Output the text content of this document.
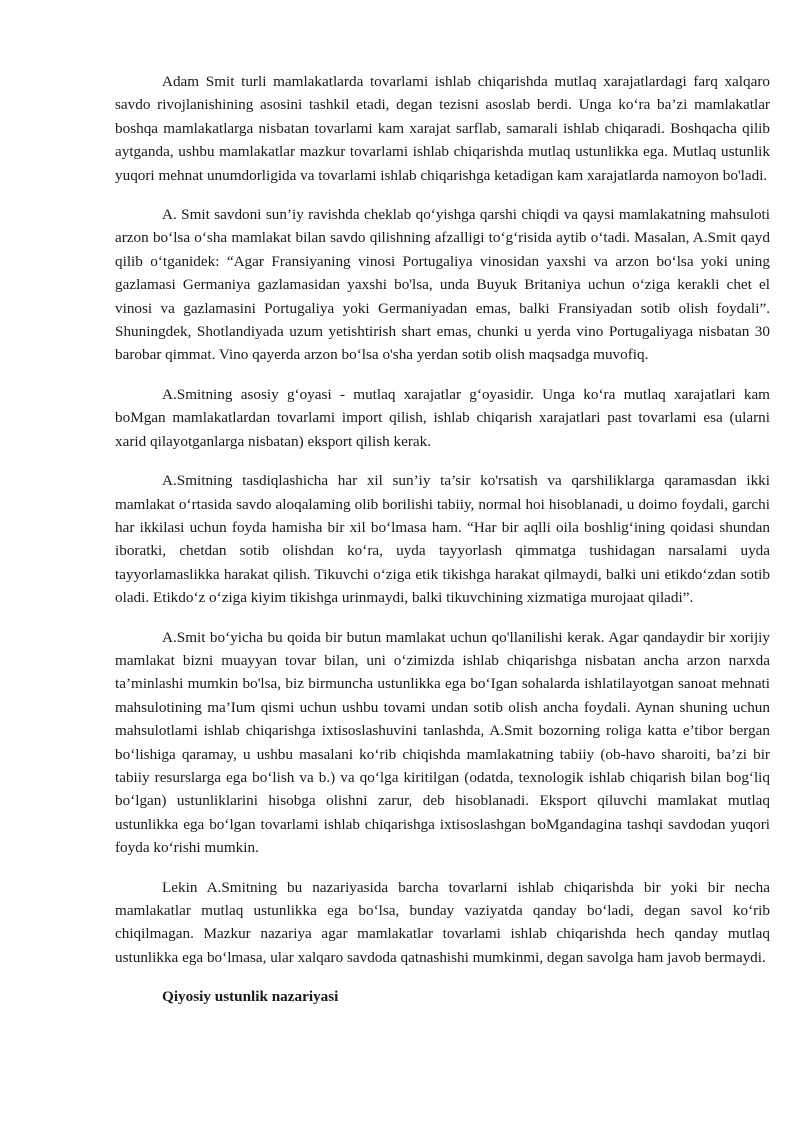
Adam Smit turli mamlakatlarda tovarlami ishlab chiqarishda mutlaq xarajatlardagi farq xalqaro savdo rivojlanishining asosini tashkil etadi, degan tezisni asoslab berdi. Unga ko‘ra ba’zi mamlakatlar boshqa mamlakatlarga nisbatan tovarlami kam xarajat sarflab, samarali ishlab chiqaradi. Boshqacha qilib aytganda, ushbu mamlakatlar mazkur tovarlami ishlab chiqarishda mutlaq ustunlikka ega. Mutlaq ustunlik yuqori mehnat unumdorligida va tovarlami ishlab chiqarishga ketadigan kam xarajatlarda namoyon bo'ladi.

A. Smit savdoni sun’iy ravishda cheklab qo‘yishga qarshi chiqdi va qaysi mamlakatning mahsuloti arzon bo‘lsa o‘sha mamlakat bilan savdo qilishning afzalligi to‘g‘risida aytib o‘tadi. Masalan, A.Smit qayd qilib o‘tganidek: “Agar Fransiyaning vinosi Portugaliya vinosidan yaxshi va arzon bo‘lsa yoki uning gazlamasi Germaniya gazlamasidan yaxshi bo'lsa, unda Buyuk Britaniya uchun o‘ziga kerakli chet el vinosi va gazlamasini Portugaliya yoki Germaniyadan emas, balki Fransiyadan sotib olish foydali”. Shuningdek, Shotlandiyada uzum yetishtirish shart emas, chunki u yerda vino Portugaliyaga nisbatan 30 barobar qimmat. Vino qayerda arzon bo‘lsa o'sha yerdan sotib olish maqsadga muvofiq.

A.Smitning asosiy g‘oyasi - mutlaq xarajatlar g‘oyasidir. Unga ko‘ra mutlaq xarajatlari kam boMgan mamlakatlardan tovarlami import qilish, ishlab chiqarish xarajatlari past tovarlami esa (ularni xarid qilayotganlarga nisbatan) eksport qilish kerak.

A.Smitning tasdiqlashicha har xil sun’iy ta’sir ko'rsatish va qarshiliklarga qaramasdan ikki mamlakat o‘rtasida savdo aloqalaming olib borilishi tabiiy, normal hoi hisoblanadi, u doimo foydali, garchi har ikkilasi uchun foyda hamisha bir xil bo‘lmasa ham. “Har bir aqlli oila boshlig‘ining qoidasi shundan iboratki, chetdan sotib olishdan ko‘ra, uyda tayyorlash qimmatga tushidagan narsalami uyda tayyorlamaslikka harakat qilish. Tikuvchi o‘ziga etik tikishga harakat qilmaydi, balki uni etikdo‘zdan sotib oladi. Etikdo‘z o‘ziga kiyim tikishga urinmaydi, balki tikuvchining xizmatiga murojaat qiladi”.

A.Smit bo‘yicha bu qoida bir butun mamlakat uchun qo'llanilishi kerak. Agar qandaydir bir xorijiy mamlakat bizni muayyan tovar bilan, uni o‘zimizda ishlab chiqarishga nisbatan ancha arzon narxda ta’minlashi mumkin bo'lsa, biz birmuncha ustunlikka ega bo‘Igan sohalarda ishlatilayotgan sanoat mehnati mahsulotining ma’Ium qismi uchun ushbu tovami undan sotib olish ancha foydali. Aynan shuning uchun mahsulotlami ishlab chiqarishga ixtisoslashuvini tanlashda, A.Smit bozorning roliga katta e’tibor bergan bo‘lishiga qaramay, u ushbu masalani ko‘rib chiqishda mamlakatning tabiiy (ob-havo sharoiti, ba’zi bir tabiiy resurslarga ega bo‘lish va b.) va qo‘lga kiritilgan (odatda, texnologik ishlab chiqarish bilan bog‘liq bo‘lgan) ustunliklarini hisobga olishni zarur, deb hisoblanadi. Eksport qiluvchi mamlakat mutlaq ustunlikka ega bo‘lgan tovarlami ishlab chiqarishga ixtisoslashgan boMgandagina tashqi savdodan yuqori foyda ko‘rishi mumkin.

Lekin A.Smitning bu nazariyasida barcha tovarlarni ishlab chiqarishda bir yoki bir necha mamlakatlar mutlaq ustunlikka ega bo‘lsa, bunday vaziyatda qanday bo‘ladi, degan savol ko‘rib chiqilmagan. Mazkur nazariya agar mamlakatlar tovarlami ishlab chiqarishda hech qanday mutlaq ustunlikka ega bo‘lmasa, ular xalqaro savdoda qatnashishi mumkinmi, degan savolga ham javob bermaydi.

Qiyosiy ustunlik nazariyasi
